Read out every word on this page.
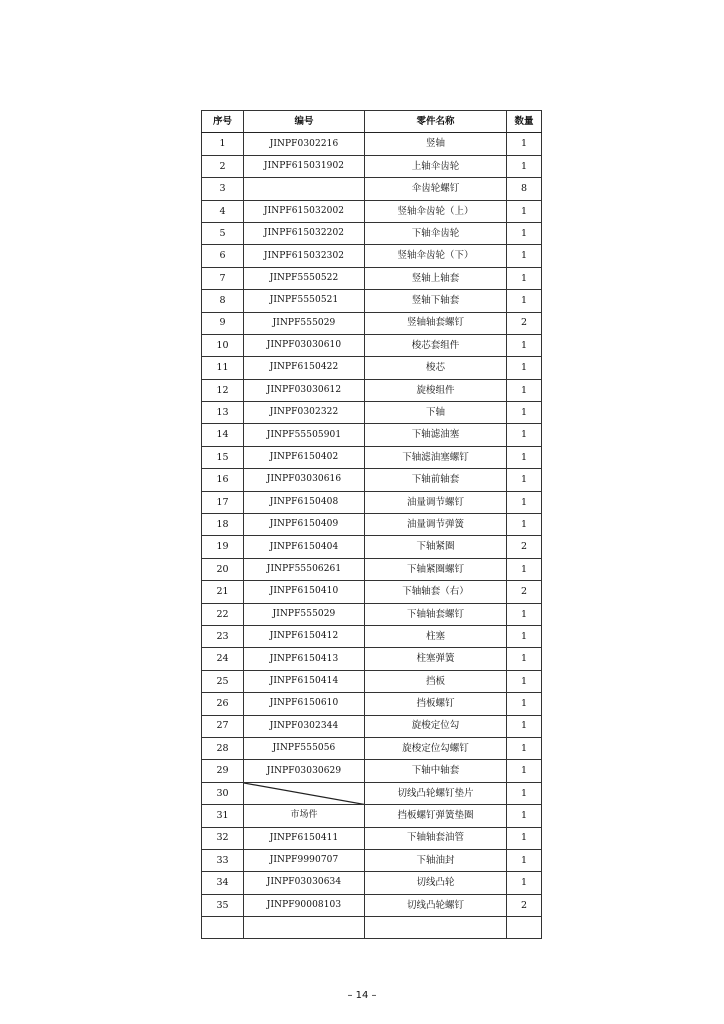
序号	编号	零件名称	数量
1	JINPF0302216	竖轴	1
2	JINPF615031902	上轴伞齿轮	1
3		伞齿轮螺钉	8
4	JINPF615032002	竖轴伞齿轮（上）	1
5	JINPF615032202	下轴伞齿轮	1
6	JINPF615032302	竖轴伞齿轮（下）	1
7	JINPF5550522	竖轴上轴套	1
8	JINPF5550521	竖轴下轴套	1
9	JINPF555029	竖轴轴套螺钉	2
10	JINPF03030610	梭芯套组件	1
11	JINPF6150422	梭芯	1
12	JINPF03030612	旋梭组件	1
13	JINPF0302322	下轴	1
14	JINPF55505901	下轴滤油塞	1
15	JINPF6150402	下轴滤油塞螺钉	1
16	JINPF03030616	下轴前轴套	1
17	JINPF6150408	油量调节螺钉	1
18	JINPF6150409	油量调节弹簧	1
19	JINPF6150404	下轴紧圈	2
20	JINPF55506261	下轴紧圈螺钉	1
21	JINPF6150410	下轴轴套（右）	2
22	JINPF555029	下轴轴套螺钉	1
23	JINPF6150412	柱塞	1
24	JINPF6150413	柱塞弹簧	1
25	JINPF6150414	挡板	1
26	JINPF6150610	挡板螺钉	1
27	JINPF0302344	旋梭定位勾	1
28	JINPF555056	旋梭定位勾螺钉	1
29	JINPF03030629	下轴中轴套	1
30		切线凸轮螺钉垫片	1
31	市场件	挡板螺钉弹簧垫圈	1
32	JINPF6150411	下轴轴套油管	1
33	JINPF9990707	下轴油封	1
34	JINPF03030634	切线凸轮	1
35	JINPF90008103	切线凸轮螺钉	2

– 14 –
